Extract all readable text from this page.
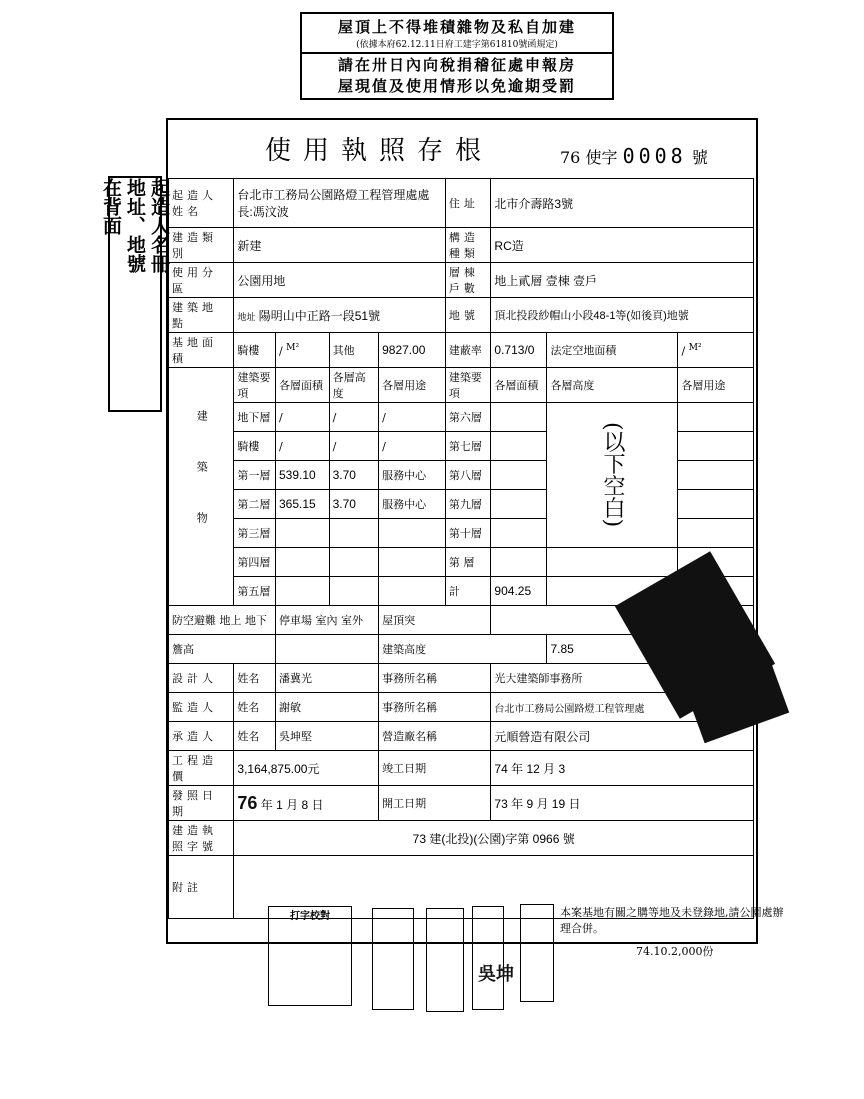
屋頂上不得堆積雜物及私自加建
(依據本府62.12.11日府工建字第61810號函規定)
請在卅日內向稅捐稽征處申報房
屋現值及使用情形以免逾期受罰
在背面 地址、地號 起造人名冊
使用執照存根	76 使字 0008 號
起造人姓名	台北市工務局公園路燈工程管理處處長:馮汶波				住址	北市介壽路3號		
建造類別	新建				構造種類	RC造		
使用分區	公園用地				層棟戶數	地上貳層 壹棟 壹戶		
建築地點	地址 陽明山中正路一段51號				地號	頂北投段紗帽山小段48-1等(如後頁)地號		
基地面積	騎樓	/ $^{M^2}$	其他	9827.00	建蔽率	0.713/0	法定空地面積	/ $^{M^2}$
建築物	建築要項	各層面積	各層高度	各層用途	建築要項	各層面積	各層高度	各層用途
	地下層	/	/	/	第六層		(以下空白)	
	騎樓	/	/	/	第七層			
	第一層	539.10	3.70	服務中心	第八層			
	第二層	365.15	3.70	服務中心	第九層			
	第三層				第十層			
	第四層				第 層			
	第五層				計	904.25		
防空避難 地上 地下		停車場 室內 室外		屋頂突				
簷高				建築高度			7.85	
設計人	姓名	潘冀光		事務所名稱		光大建築師事務所		
監造人	姓名	謝敏		事務所名稱		台北市工務局公園路燈工程管理處		
承造人	姓名	吳坤堅		營造廠名稱		元順營造有限公司		
工程造價	3,164,875.00元			竣工日期		74 年 12 月 3		
發照日期	76 年 1 月 8 日			開工日期		73 年 9 月 19 日		
建造執照字號	73 建(北投)(公園)字第 0966 號							
附註								
本案基地有關之購等地及未登錄地,請公園處辦理合併。
74.10.2,000份
打字校對
吳坤
